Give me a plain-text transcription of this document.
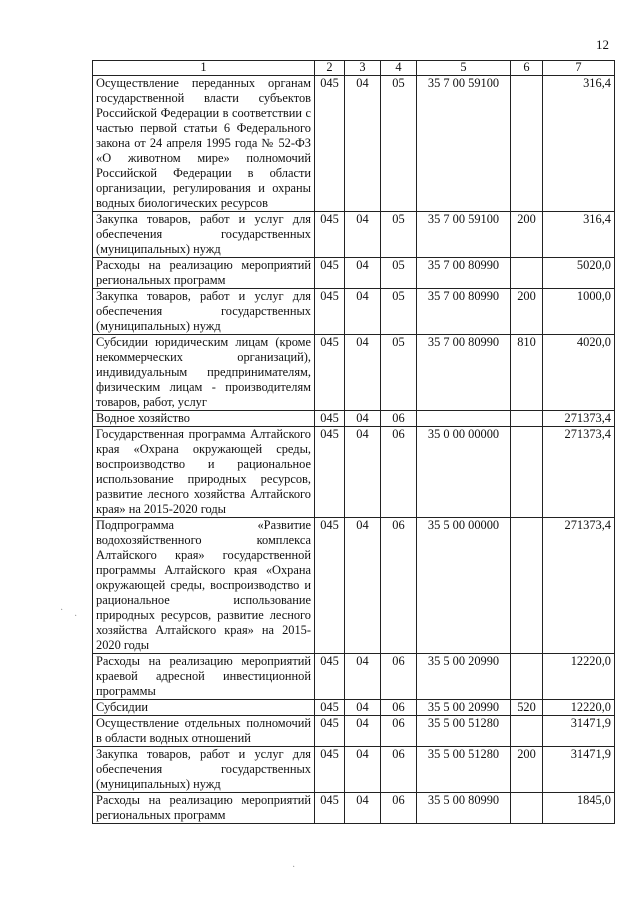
12
1	2	3	4	5	6	7
Осуществление переданных органам государственной власти субъектов Российской Федерации в соответствии с частью первой статьи 6 Федерального закона от 24 апреля 1995 года № 52-ФЗ «О животном мире» полномочий Российской Федерации в области организации, регулирования и охраны водных биологических ресурсов	045	04	05	35 7 00 59100		316,4
Закупка товаров, работ и услуг для обеспечения государственных (муниципальных) нужд	045	04	05	35 7 00 59100	200	316,4
Расходы на реализацию мероприятий региональных программ	045	04	05	35 7 00 80990		5020,0
Закупка товаров, работ и услуг для обеспечения государственных (муниципальных) нужд	045	04	05	35 7 00 80990	200	1000,0
Субсидии юридическим лицам (кроме некоммерческих организаций), индивидуальным предпринимателям, физическим лицам - производителям товаров, работ, услуг	045	04	05	35 7 00 80990	810	4020,0
Водное хозяйство	045	04	06			271373,4
Государственная программа Алтайского края «Охрана окружающей среды, воспроизводство и рациональное использование природных ресурсов, развитие лесного хозяйства Алтайского края» на 2015-2020 годы	045	04	06	35 0 00 00000		271373,4
Подпрограмма «Развитие водохозяйственного комплекса Алтайского края» государственной программы Алтайского края «Охрана окружающей среды, воспроизводство и рациональное использование природных ресурсов, развитие лесного хозяйства Алтайского края» на 2015-2020 годы	045	04	06	35 5 00 00000		271373,4
Расходы на реализацию мероприятий краевой адресной инвестиционной программы	045	04	06	35 5 00 20990		12220,0
Субсидии	045	04	06	35 5 00 20990	520	12220,0
Осуществление отдельных полномочий в области водных отношений	045	04	06	35 5 00 51280		31471,9
Закупка товаров, работ и услуг для обеспечения государственных (муниципальных) нужд	045	04	06	35 5 00 51280	200	31471,9
Расходы на реализацию мероприятий региональных программ	045	04	06	35 5 00 80990		1845,0
·
·
·
